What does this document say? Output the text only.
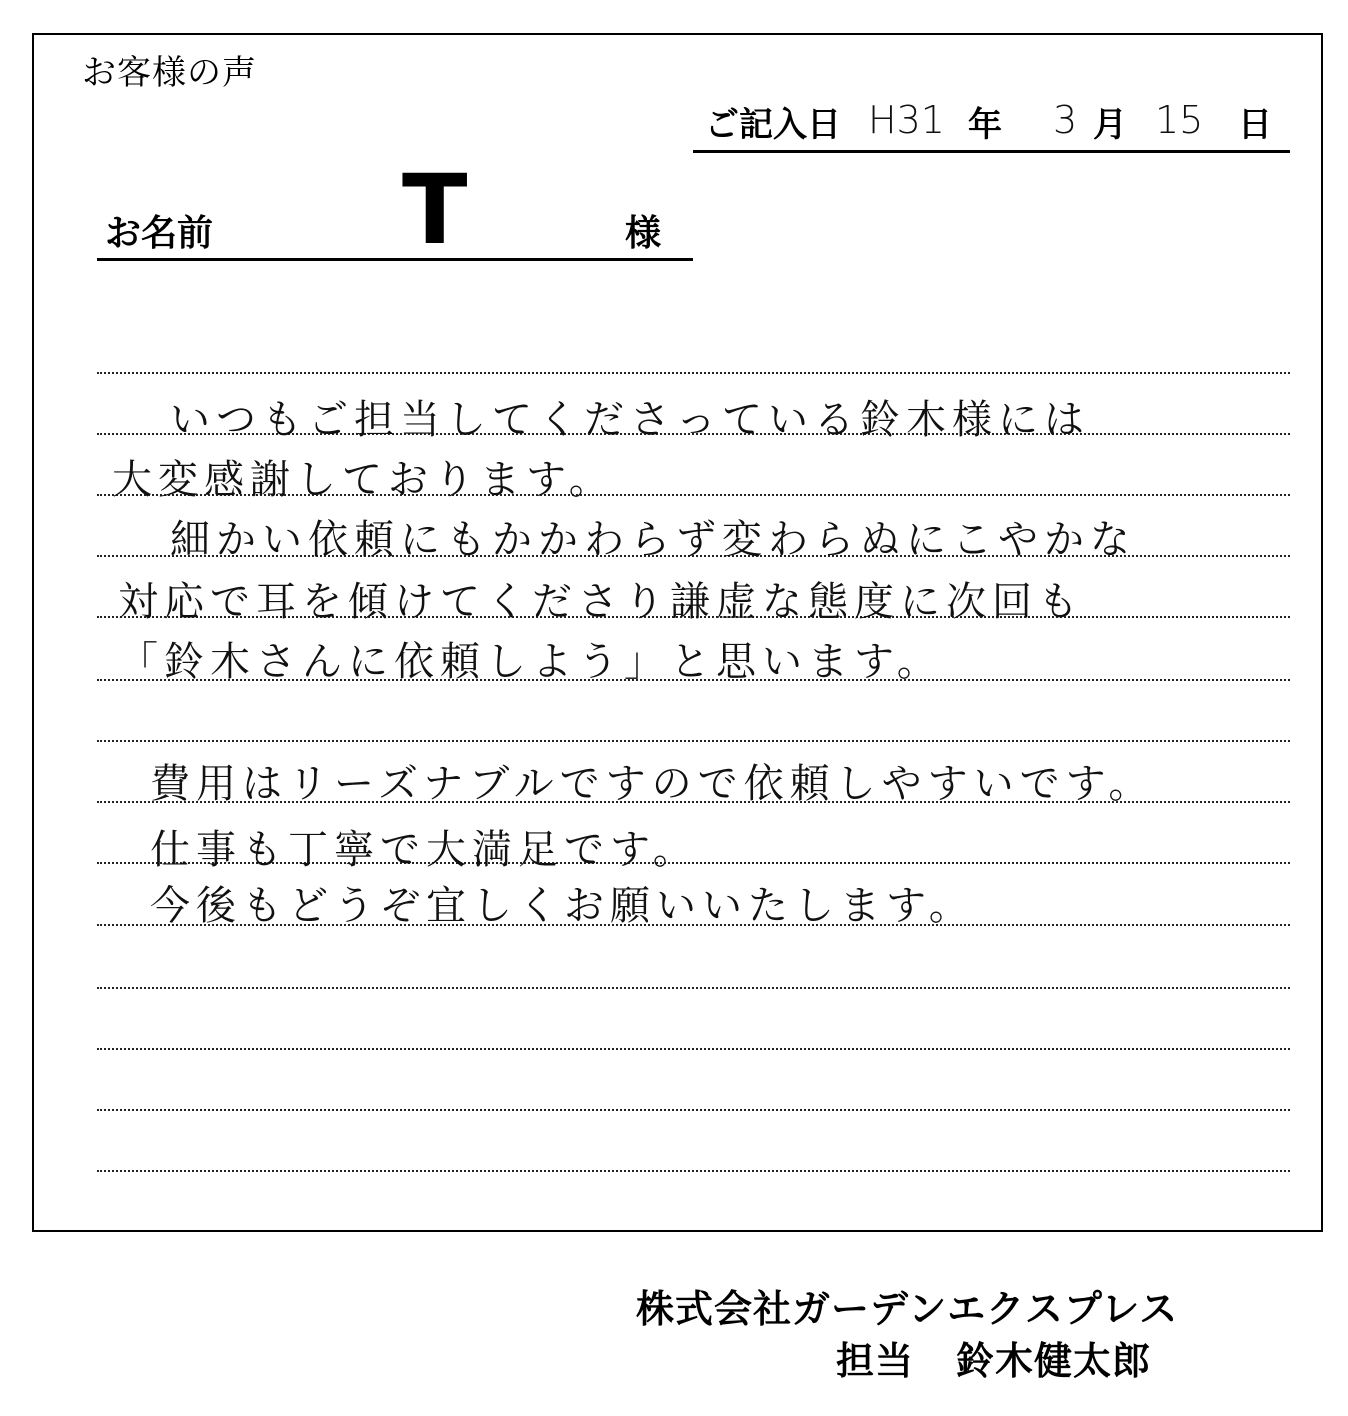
お客様の声
ご記入日 H31 年 3 月 15 日
お名前 T	様
いつもご担当してくださっている鈴木様には
大変感謝しております。
細かい依頼にもかかわらず変わらぬにこやかな
対応で耳を傾けてくださり謙虚な態度に次回も
「鈴木さんに依頼しよう」と思います。
費用はリーズナブルですので依頼しやすいです。
仕事も丁寧で大満足です。
今後もどうぞ宜しくお願いいたします。
株式会社ガーデンエクスプレス
担当 鈴木健太郎
